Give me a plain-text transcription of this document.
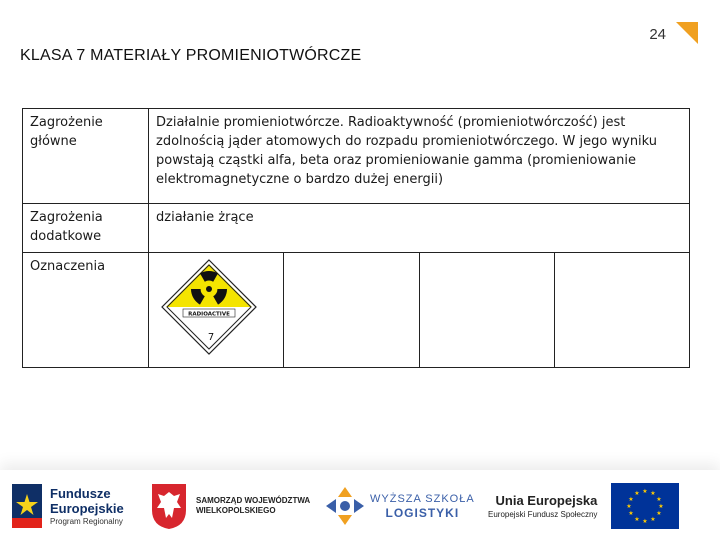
24
KLASA 7 MATERIAŁY PROMIENIOTWÓRCZE
Zagrożenie główne	Działalnie promieniotwórcze. Radioaktywność (promieniotwórczość) jest zdolnością jąder atomowych do rozpadu promieniotwórczego. W jego wyniku powstają cząstki alfa, beta oraz promieniowanie gamma (promieniowanie elektromagnetyczne o bardzo dużej energii)
Zagrożenia dodatkowe	działanie żrące
Oznaczenia	RADIOACTIVE
7
Fundusze
Europejskie
Program Regionalny
SAMORZĄD WOJEWÓDZTWA
WIELKOPOLSKIEGO
WYŻSZA SZKOŁA
LOGISTYKI
Unia Europejska
Europejski Fundusz Społeczny
★ ★
★
★
★
★
★
★
★
★
★
★
